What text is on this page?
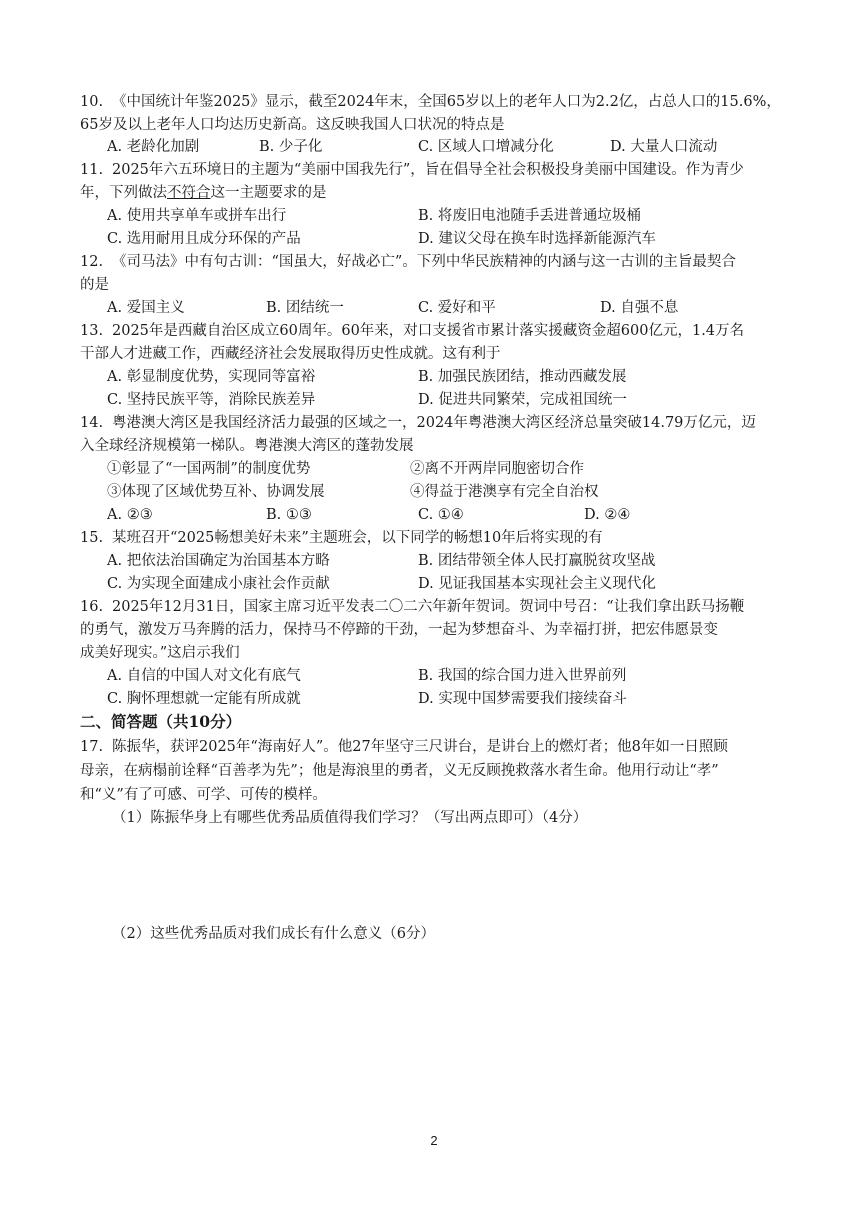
10. 《中国统计年鉴2025》显示，截至2024年末，全国65岁以上的老年人口为2.2亿，占总人口的15.6%，
65岁及以上老年人口均达历史新高。这反映我国人口状况的特点是
A. 老龄化加剧	B. 少子化	C. 区域人口增减分化	D. 大量人口流动
11. 2025年六五环境日的主题为“美丽中国我先行”，旨在倡导全社会积极投身美丽中国建设。作为青少
年，下列做法不符合这一主题要求的是
A. 使用共享单车或拼车出行	B. 将废旧电池随手丢进普通垃圾桶
C. 选用耐用且成分环保的产品	D. 建议父母在换车时选择新能源汽车
12. 《司马法》中有句古训：“国虽大，好战必亡”。下列中华民族精神的内涵与这一古训的主旨最契合
的是
A. 爱国主义	B. 团结统一	C. 爱好和平	D. 自强不息
13. 2025年是西藏自治区成立60周年。60年来，对口支援省市累计落实援藏资金超600亿元，1.4万名
干部人才进藏工作，西藏经济社会发展取得历史性成就。这有利于
A. 彰显制度优势，实现同等富裕	B. 加强民族团结，推动西藏发展
C. 坚持民族平等，消除民族差异	D. 促进共同繁荣，完成祖国统一
14. 粤港澳大湾区是我国经济活力最强的区域之一，2024年粤港澳大湾区经济总量突破14.79万亿元，迈
入全球经济规模第一梯队。粤港澳大湾区的蓬勃发展
①彰显了“一国两制”的制度优势	②离不开两岸同胞密切合作
③体现了区域优势互补、协调发展	④得益于港澳享有完全自治权
A. ②③	B. ①③	C. ①④	D. ②④
15. 某班召开“2025畅想美好未来”主题班会，以下同学的畅想10年后将实现的有
A. 把依法治国确定为治国基本方略	B. 团结带领全体人民打赢脱贫攻坚战
C. 为实现全面建成小康社会作贡献	D. 见证我国基本实现社会主义现代化
16. 2025年12月31日，国家主席习近平发表二〇二六年新年贺词。贺词中号召：“让我们拿出跃马扬鞭
的勇气，激发万马奔腾的活力，保持马不停蹄的干劲，一起为梦想奋斗、为幸福打拼，把宏伟愿景变
成美好现实。”这启示我们
A. 自信的中国人对文化有底气	B. 我国的综合国力进入世界前列
C. 胸怀理想就一定能有所成就	D. 实现中国梦需要我们接续奋斗
二、简答题（共10分）
17. 陈振华，获评2025年“海南好人”。他27年坚守三尺讲台，是讲台上的燃灯者；他8年如一日照顾
母亲，在病榻前诠释“百善孝为先”；他是海浪里的勇者，义无反顾挽救落水者生命。他用行动让“孝”
和“义”有了可感、可学、可传的模样。
（1）陈振华身上有哪些优秀品质值得我们学习？（写出两点即可）（4分）
（2）这些优秀品质对我们成长有什么意义（6分）
2
